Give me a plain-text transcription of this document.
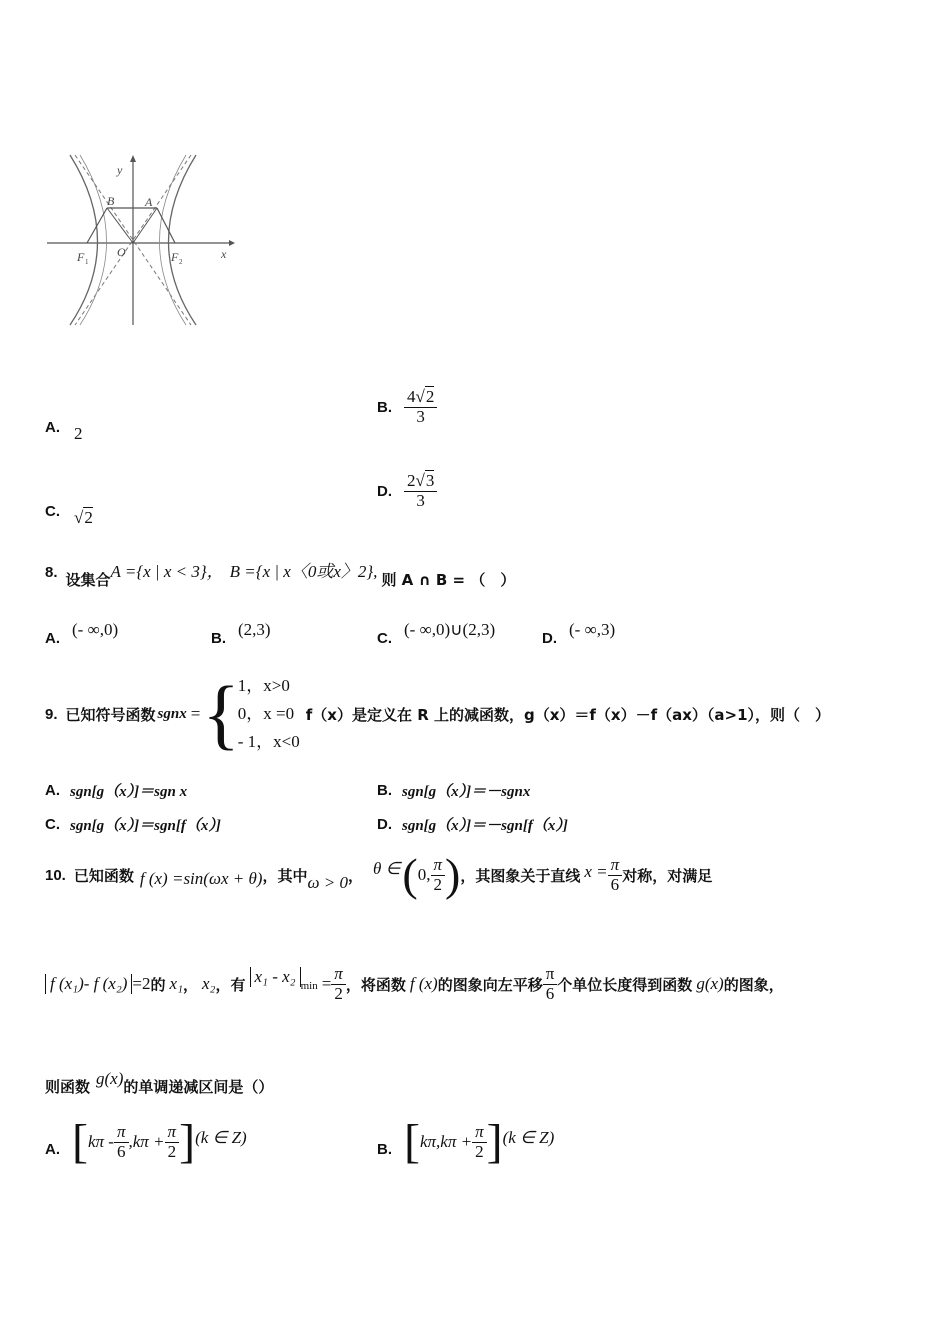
y
x
B	A
O
F 1	F 2
A. 2
B. $\frac{4√2}{3}$
C. √2
D. $\frac{2√3}{3}$
8. 设集合 A ={x | x < 3}， B ={x | x〈0或x〉2}, 则 A ∩ B = （　）
A. (- ∞,0)	B. (2,3)	C. (- ∞,0)∪(2,3)	D. (- ∞,3)
9. 已知符号函数 sgnx = {
1，x>0
0，x =0
- 1，x<0
f（x）是定义在 R 上的减函数，g（x）＝f（x）－f（ax）（a>1），则（　）
A. sgn[g（x）]＝sgn x	B. sgn[g（x）]＝－sgnx
C. sgn[g（x）]＝sgn[f（x）]	D. sgn[g（x）]＝－sgn[f（x）]
10. 已知函数 f (x) =sin(ωx + θ) ，其中 ω > 0 ， θ ∈ ( 0, $\frac{\pi}{2}$ ) ，其图象关于直线 $x = \frac{\pi}{6}$ 对称，对满足
f (x₁)- f (x₂) =2 的 x₁ ， x₂ ，有 x₁ - x₂ $\min = \frac{\pi}{2}$ ，将函数 f (x) 的图象向左平移 $\frac{\pi}{6}$ 个单位长度得到函数 g(x) 的图象，
则函数 g(x) 的单调递减区间是（）
A. [ $k\pi - \frac{\pi}{6} ,k\pi + \frac{\pi}{2}$ ] (k ∈ Z)
B. [ $k\pi,k\pi + \frac{\pi}{2}$ ] (k ∈ Z)
